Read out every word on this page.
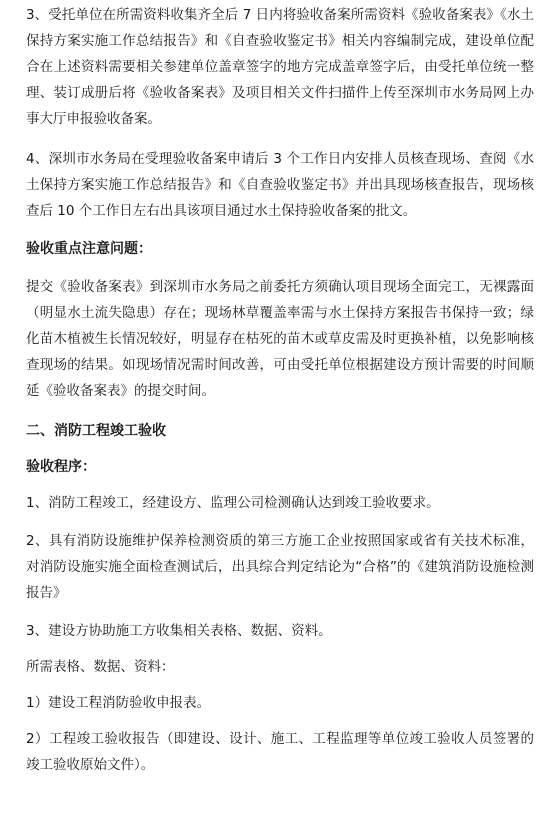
3、受托单位在所需资料收集齐全后 7 日内将验收备案所需资料《验收备案表》《水土保持方案实施工作总结报告》和《自查验收鉴定书》相关内容编制完成，建设单位配合在上述资料需要相关参建单位盖章签字的地方完成盖章签字后，由受托单位统一整理、装订成册后将《验收备案表》及项目相关文件扫描件上传至深圳市水务局网上办事大厅申报验收备案。

4、深圳市水务局在受理验收备案申请后 3 个工作日内安排人员核查现场、查阅《水土保持方案实施工作总结报告》和《自查验收鉴定书》并出具现场核查报告，现场核查后 10 个工作日左右出具该项目通过水土保持验收备案的批文。

验收重点注意问题：

提交《验收备案表》到深圳市水务局之前委托方须确认项目现场全面完工，无裸露面（明显水土流失隐患）存在；现场林草覆盖率需与水土保持方案报告书保持一致；绿化苗木植被生长情况较好，明显存在枯死的苗木或草皮需及时更换补植，以免影响核查现场的结果。如现场情况需时间改善，可由受托单位根据建设方预计需要的时间顺延《验收备案表》的提交时间。

二、消防工程竣工验收

验收程序：

1、消防工程竣工，经建设方、监理公司检测确认达到竣工验收要求。

2、具有消防设施维护保养检测资质的第三方施工企业按照国家或省有关技术标准，对消防设施实施全面检查测试后，出具综合判定结论为“合格”的《建筑消防设施检测报告》

3、建设方协助施工方收集相关表格、数据、资料。

所需表格、数据、资料：

1）建设工程消防验收申报表。

2）工程竣工验收报告（即建设、设计、施工、工程监理等单位竣工验收人员签署的竣工验收原始文件）。
